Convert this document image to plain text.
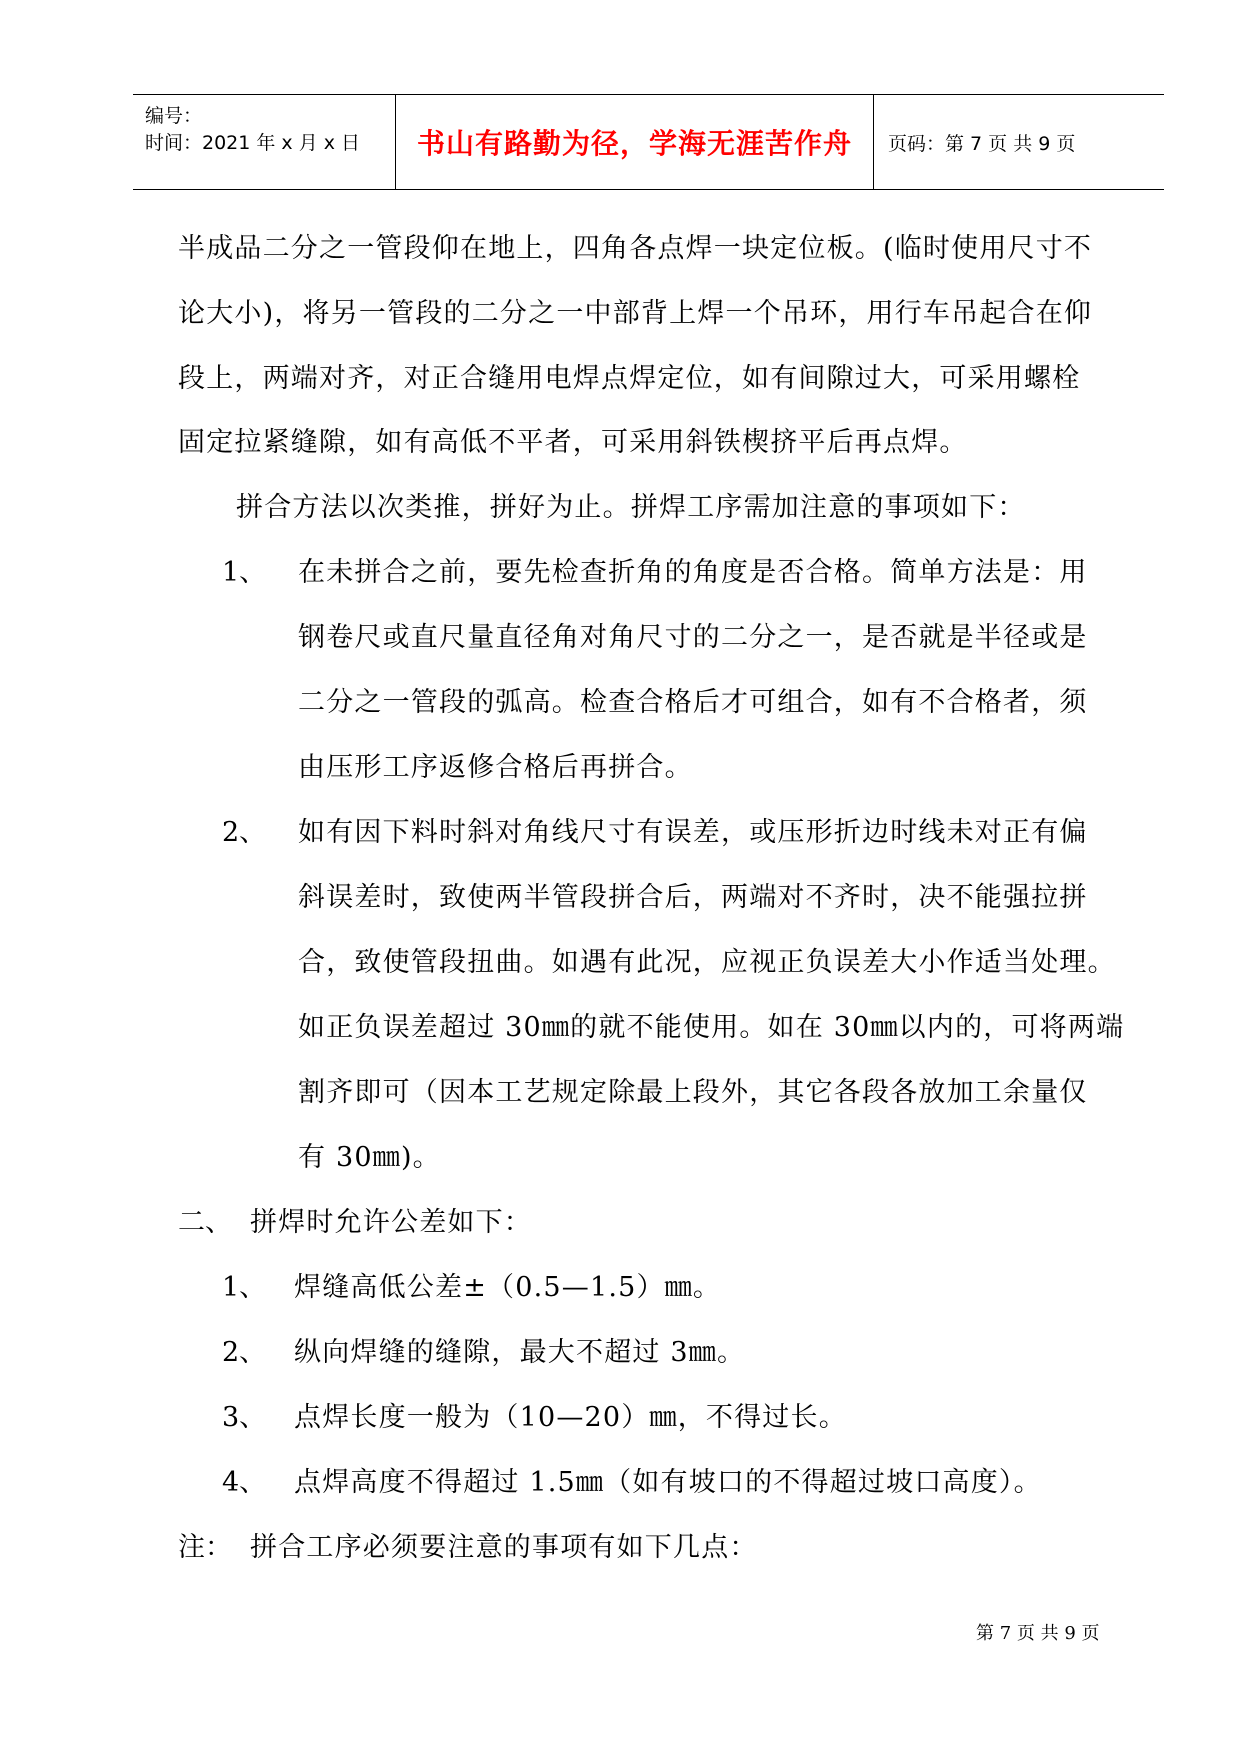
编号：
时间：2021 年 x 月 x 日 书山有路勤为径，学海无涯苦作舟 页码：第 7 页 共 9 页
半成品二分之一管段仰在地上，四角各点焊一块定位板。(临时使用尺寸不
论大小)，将另一管段的二分之一中部背上焊一个吊环，用行车吊起合在仰
段上，两端对齐，对正合缝用电焊点焊定位，如有间隙过大，可采用螺栓
固定拉紧缝隙，如有高低不平者，可采用斜铁楔挤平后再点焊。
拼合方法以次类推，拼好为止。拼焊工序需加注意的事项如下：
1、 在未拼合之前，要先检查折角的角度是否合格。简单方法是：用
钢卷尺或直尺量直径角对角尺寸的二分之一，是否就是半径或是
二分之一管段的弧高。检查合格后才可组合，如有不合格者，须
由压形工序返修合格后再拼合。
2、 如有因下料时斜对角线尺寸有误差，或压形折边时线未对正有偏
斜误差时，致使两半管段拼合后，两端对不齐时，决不能强拉拼
合，致使管段扭曲。如遇有此况，应视正负误差大小作适当处理。
如正负误差超过 30㎜的就不能使用。如在 30㎜以内的，可将两端
割齐即可（因本工艺规定除最上段外，其它各段各放加工余量仅
有 30㎜)。
二、 拼焊时允许公差如下：
1、 焊缝高低公差±（0.5—1.5）㎜。
2、 纵向焊缝的缝隙，最大不超过 3㎜。
3、 点焊长度一般为（10—20）㎜，不得过长。
4、 点焊高度不得超过 1.5㎜（如有坡口的不得超过坡口高度）。
注： 拼合工序必须要注意的事项有如下几点：
第 7 页 共 9 页
